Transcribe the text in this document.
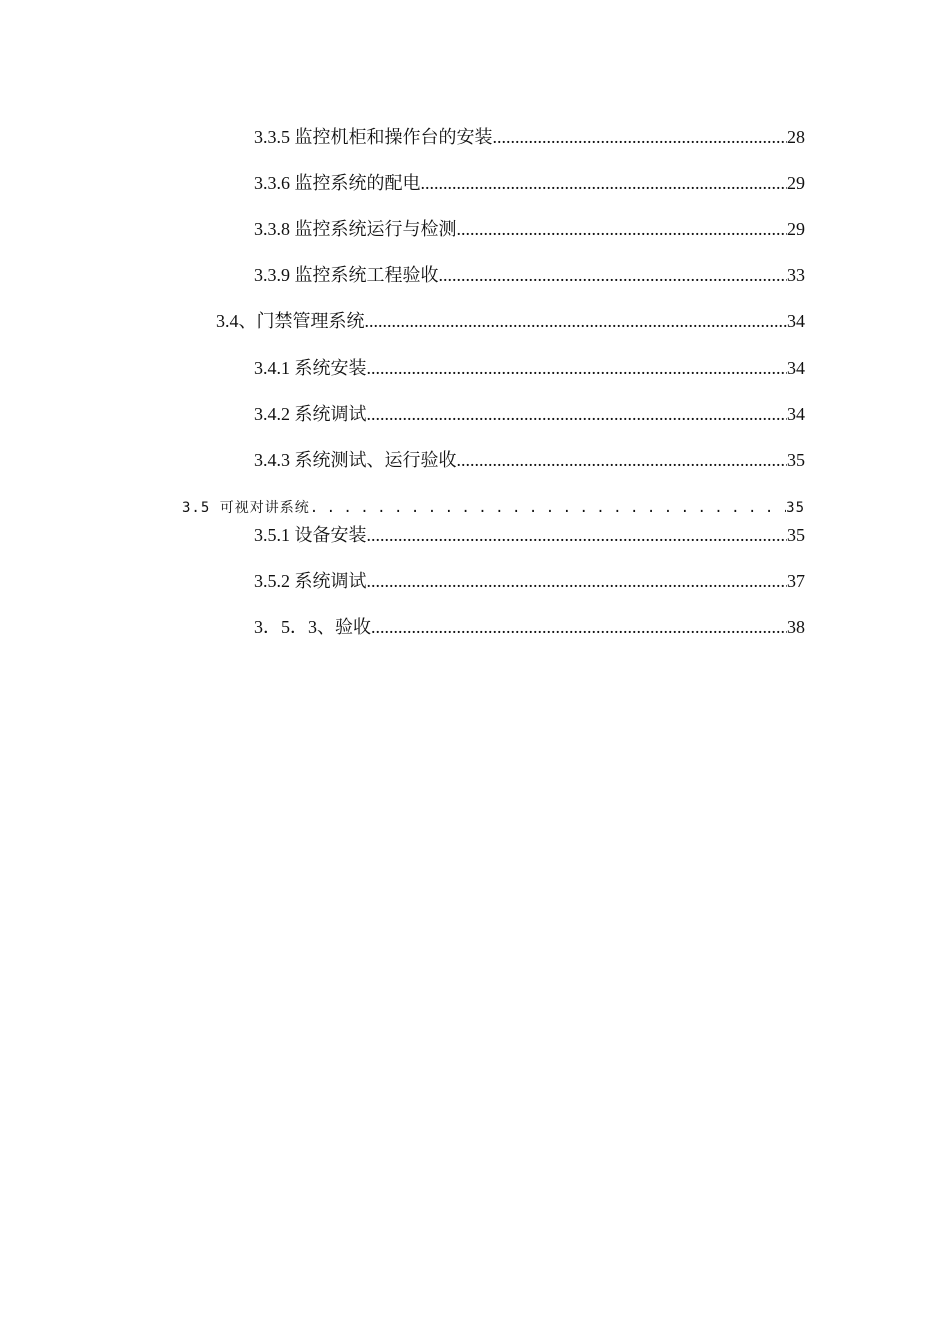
3.3.5 监控机柜和操作台的安装 .....	28
3.3.6 监控系统的配电 .....	29
3.3.8 监控系统运行与检测 .....	29
3.3.9 监控系统工程验收 .....	33
3.4、门禁管理系统 .....	34
3.4.1 系统安装 .....	34
3.4.2 系统调试 .....	34
3.4.3 系统测试、运行验收 .....	35
3.5 可视对讲系统 . . .	35
3.5.1 设备安装 .....	35
3.5.2 系统调试 .....	37
3．5．3、验收 .....	38
